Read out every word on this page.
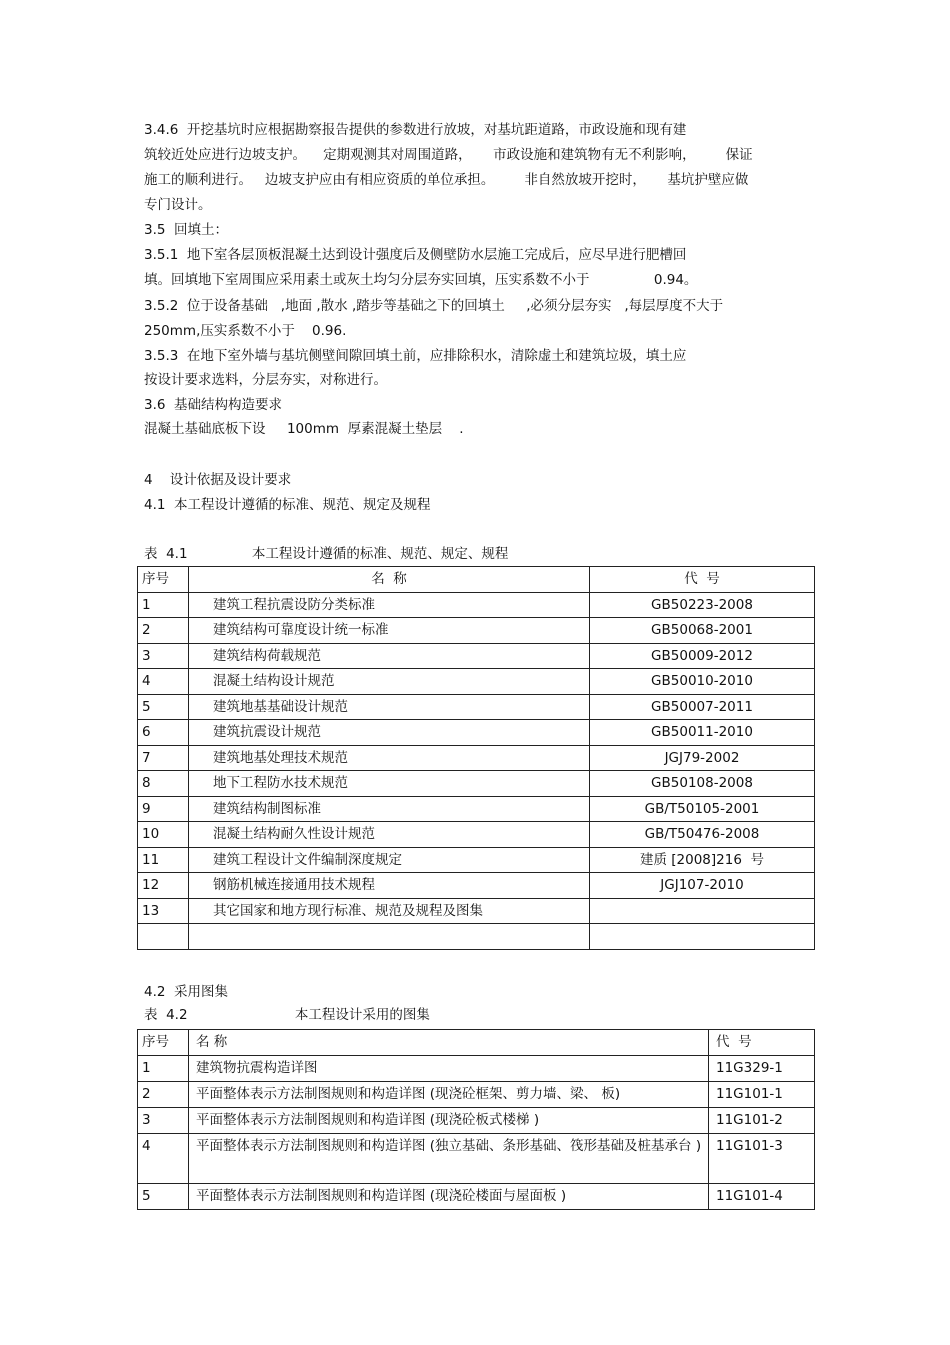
3.4.6  开挖基坑时应根据勘察报告提供的参数进行放坡，对基坑距道路，市政设施和现有建
筑较近处应进行边坡支护。    定期观测其对周围道路，     市政设施和建筑物有无不利影响，       保证
施工的顺利进行。   边坡支护应由有相应资质的单位承担。       非自然放坡开挖时，     基坑护壁应做
专门设计。
3.5  回填土：
3.5.1  地下室各层顶板混凝土达到设计强度后及侧壁防水层施工完成后，应尽早进行肥槽回
填。回填地下室周围应采用素土或灰土均匀分层夯实回填，压实系数不小于               0.94。
3.5.2  位于设备基础   ,地面 ,散水 ,踏步等基础之下的回填土     ,必须分层夯实   ,每层厚度不大于
250mm,压实系数不小于    0.96.
3.5.3  在地下室外墙与基坑侧壁间隙回填土前，应排除积水，清除虚土和建筑垃圾，填土应
按设计要求选料，分层夯实，对称进行。
3.6  基础结构构造要求
混凝土基础底板下设     100mm  厚素混凝土垫层    .
4    设计依据及设计要求
4.1  本工程设计遵循的标准、规范、规定及规程
表  4.1               本工程设计遵循的标准、规范、规定、规程
序号	名  称	代  号
1	建筑工程抗震设防分类标准	GB50223-2008
2	建筑结构可靠度设计统一标准	GB50068-2001
3	建筑结构荷载规范	GB50009-2012
4	混凝土结构设计规范	GB50010-2010
5	建筑地基基础设计规范	GB50007-2011
6	建筑抗震设计规范	GB50011-2010
7	建筑地基处理技术规范	JGJ79-2002
8	地下工程防水技术规范	GB50108-2008
9	建筑结构制图标准	GB/T50105-2001
10	混凝土结构耐久性设计规范	GB/T50476-2008
11	建筑工程设计文件编制深度规定	建质 [2008]216  号
12	钢筋机械连接通用技术规程	JGJ107-2010
13	其它国家和地方现行标准、规范及规程及图集	

4.2  采用图集
表  4.2                         本工程设计采用的图集
序号	名 称	代  号
1	建筑物抗震构造详图	11G329-1
2	平面整体表示方法制图规则和构造详图 (现浇砼框架、剪力墙、梁、 板)	11G101-1
3	平面整体表示方法制图规则和构造详图 (现浇砼板式楼梯 )	11G101-2
4	平面整体表示方法制图规则和构造详图 (独立基础、条形基础、筏形基础及桩基承台 )	11G101-3
5	平面整体表示方法制图规则和构造详图 (现浇砼楼面与屋面板 )	11G101-4
